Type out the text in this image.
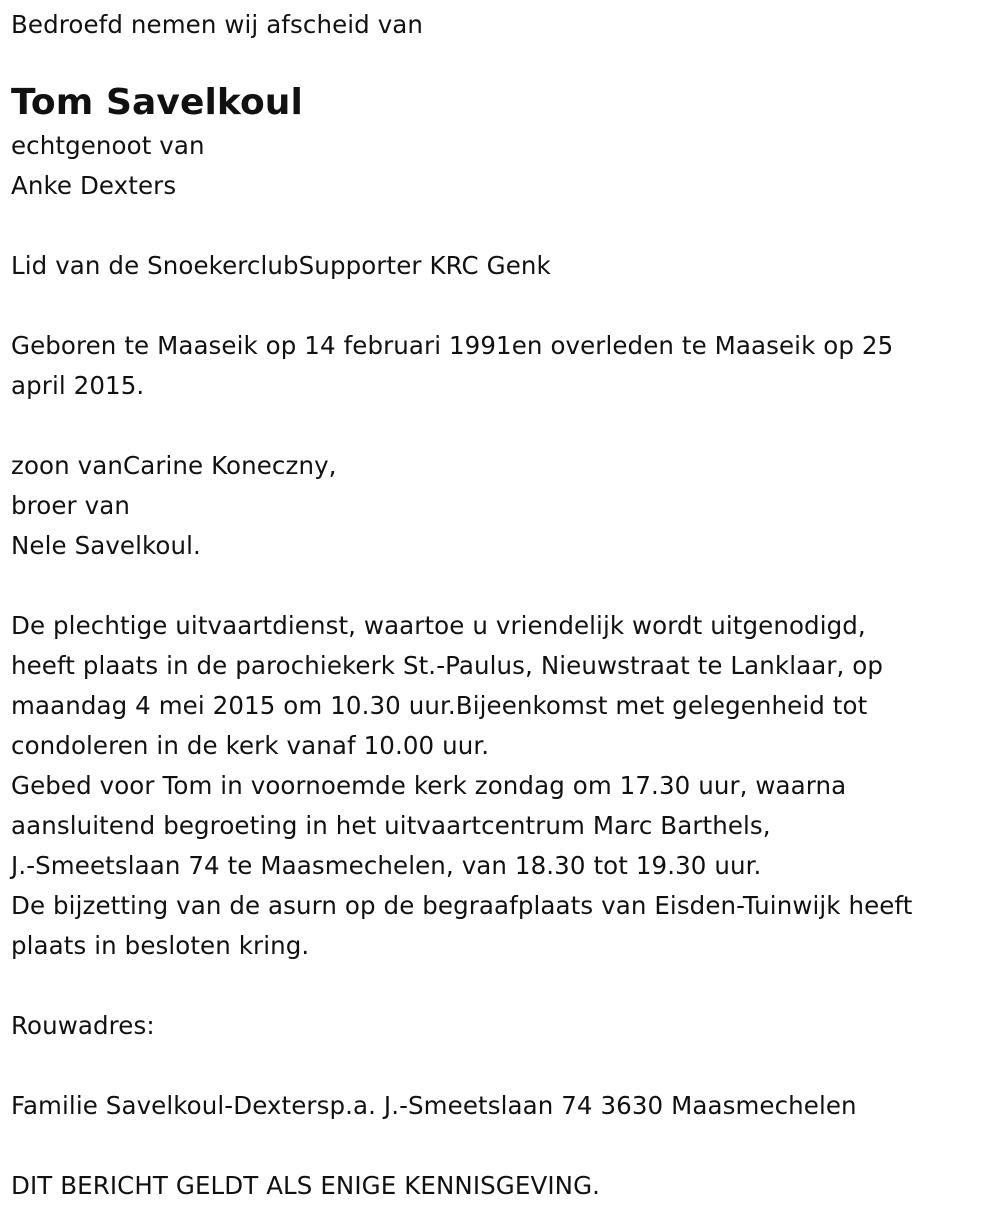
Bedroefd nemen wij afscheid van
Tom Savelkoul
echtgenoot van
Anke Dexters
Lid van de SnoekerclubSupporter KRC Genk
Geboren te Maaseik op 14 februari 1991en overleden te Maaseik op 25
april 2015.
zoon vanCarine Koneczny,
broer van
Nele Savelkoul.
De plechtige uitvaartdienst, waartoe u vriendelijk wordt uitgenodigd,
heeft plaats in de parochiekerk St.-Paulus, Nieuwstraat te Lanklaar, op
maandag 4 mei 2015 om 10.30 uur.Bijeenkomst met gelegenheid tot
condoleren in de kerk vanaf 10.00 uur.
Gebed voor Tom in voornoemde kerk zondag om 17.30 uur, waarna
aansluitend begroeting in het uitvaartcentrum Marc Barthels,
J.-Smeetslaan 74 te Maasmechelen, van 18.30 tot 19.30 uur.
De bijzetting van de asurn op de begraafplaats van Eisden-Tuinwijk heeft
plaats in besloten kring.
Rouwadres:
Familie Savelkoul-Dextersp.a. J.-Smeetslaan 74 3630 Maasmechelen
DIT BERICHT GELDT ALS ENIGE KENNISGEVING.
